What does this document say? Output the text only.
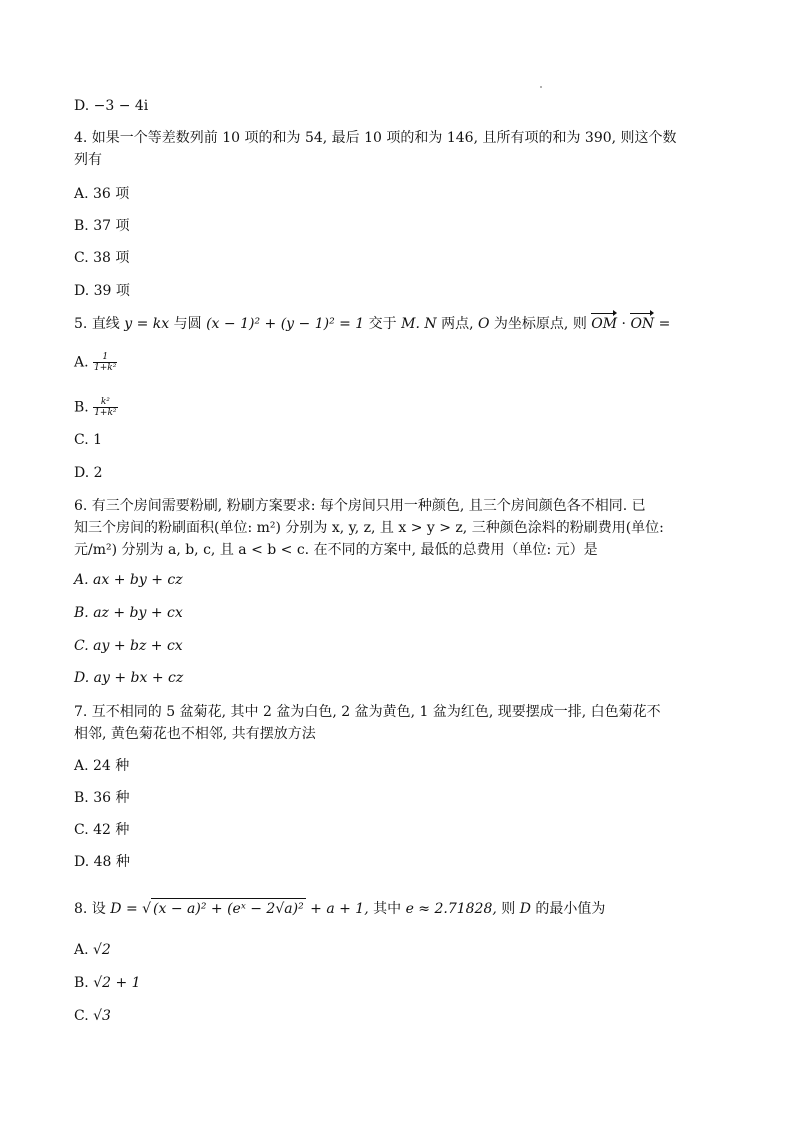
D. −3 − 4i
4. 如果一个等差数列前 10 项的和为 54, 最后 10 项的和为 146, 且所有项的和为 390, 则这个数
列有
A. 36 项
B. 37 项
C. 38 项
D. 39 项
5. 直线 y = kx 与圆 (x − 1)² + (y − 1)² = 1 交于 M. N 两点, O 为坐标原点, 则 OM · ON =
A. $\frac{1}{\text{1+k²}}$
B. $\frac{\text{k²}}{\text{1+k²}}$
C. 1
D. 2
6. 有三个房间需要粉刷, 粉刷方案要求: 每个房间只用一种颜色, 且三个房间颜色各不相同. 已
知三个房间的粉刷面积(单位: m²) 分别为 x, y, z, 且 x > y > z, 三种颜色涂料的粉刷费用(单位:
元/m²) 分别为 a, b, c, 且 a < b < c. 在不同的方案中, 最低的总费用（单位: 元）是
A. ax + by + cz
B. az + by + cx
C. ay + bz + cx
D. ay + bx + cz
7. 互不相同的 5 盆菊花, 其中 2 盆为白色, 2 盆为黄色, 1 盆为红色, 现要摆成一排, 白色菊花不
相邻, 黄色菊花也不相邻, 共有摆放方法
A. 24 种
B. 36 种
C. 42 种
D. 48 种
8. 设 D = √ (x − a)² + (eˣ − 2√a)² + a + 1, 其中 e ≈ 2.71828, 则 D 的最小值为
A. √2
B. √2 + 1
C. √3
